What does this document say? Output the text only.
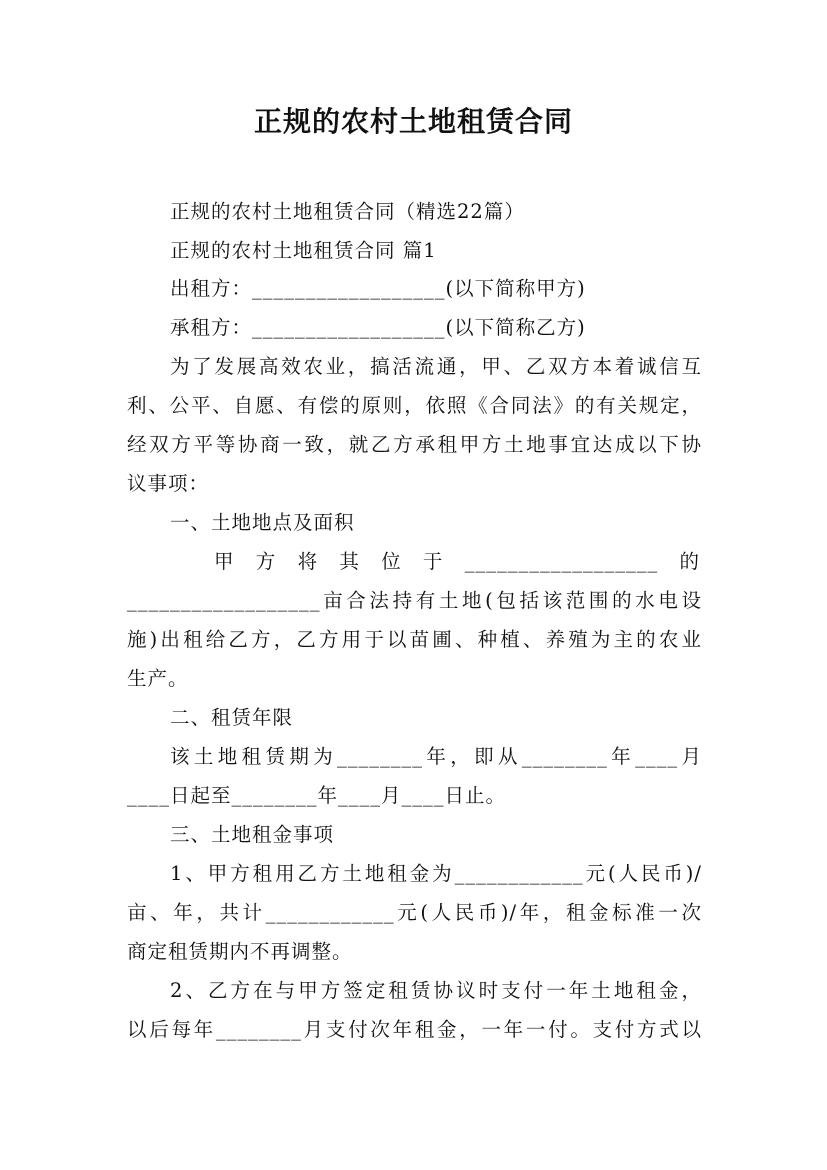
正规的农村土地租赁合同
正规的农村土地租赁合同（精选22篇）
正规的农村土地租赁合同 篇1
出租方：__________________(以下简称甲方)
承租方：__________________(以下简称乙方)
为了发展高效农业，搞活流通，甲、乙双方本着诚信互
利、公平、自愿、有偿的原则，依照《合同法》的有关规定，
经双方平等协商一致，就乙方承租甲方土地事宜达成以下协
议事项：
一、土地地点及面积
甲 方 将 其 位 于 __________________ 的
__________________亩合法持有土地(包括该范围的水电设
施)出租给乙方，乙方用于以苗圃、种植、养殖为主的农业
生产。
二、租赁年限
该土地租赁期为________年，即从________年____月
____日起至________年____月____日止。
三、土地租金事项
1、甲方租用乙方土地租金为____________元(人民币)/
亩、年，共计____________元(人民币)/年，租金标准一次
商定租赁期内不再调整。
2、乙方在与甲方签定租赁协议时支付一年土地租金，
以后每年________月支付次年租金，一年一付。支付方式以
